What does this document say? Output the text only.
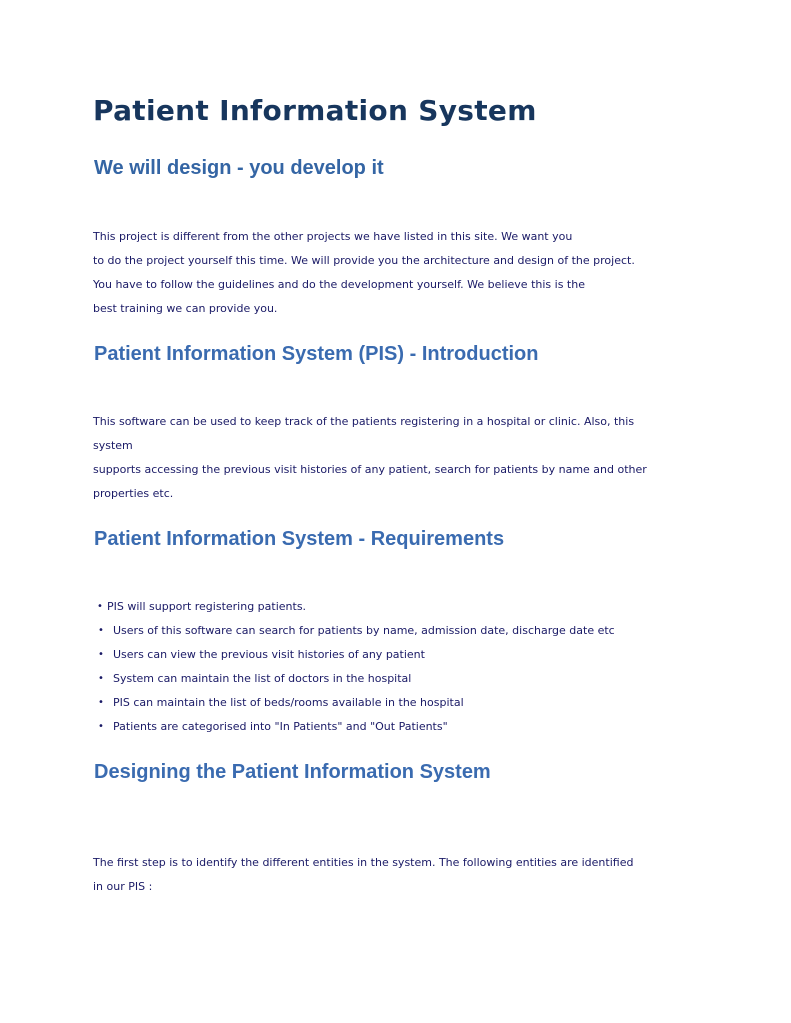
Patient Information System
We will design - you develop it
This project is different from the other projects we have listed in this site. We want you
to do the project yourself this time. We will provide you the architecture and design of the project.
You have to follow the guidelines and do the development yourself. We believe this is the
best training we can provide you.
Patient Information System (PIS) - Introduction
This software can be used to keep track of the patients registering in a hospital or clinic. Also, this
system
supports accessing the previous visit histories of any patient, search for patients by name and other
properties etc.
Patient Information System - Requirements
• PIS will support registering patients.
• Users of this software can search for patients by name, admission date, discharge date etc
• Users can view the previous visit histories of any patient
• System can maintain the list of doctors in the hospital
• PIS can maintain the list of beds/rooms available in the hospital
• Patients are categorised into "In Patients" and "Out Patients"
Designing the Patient Information System
The first step is to identify the different entities in the system. The following entities are identified
in our PIS :
